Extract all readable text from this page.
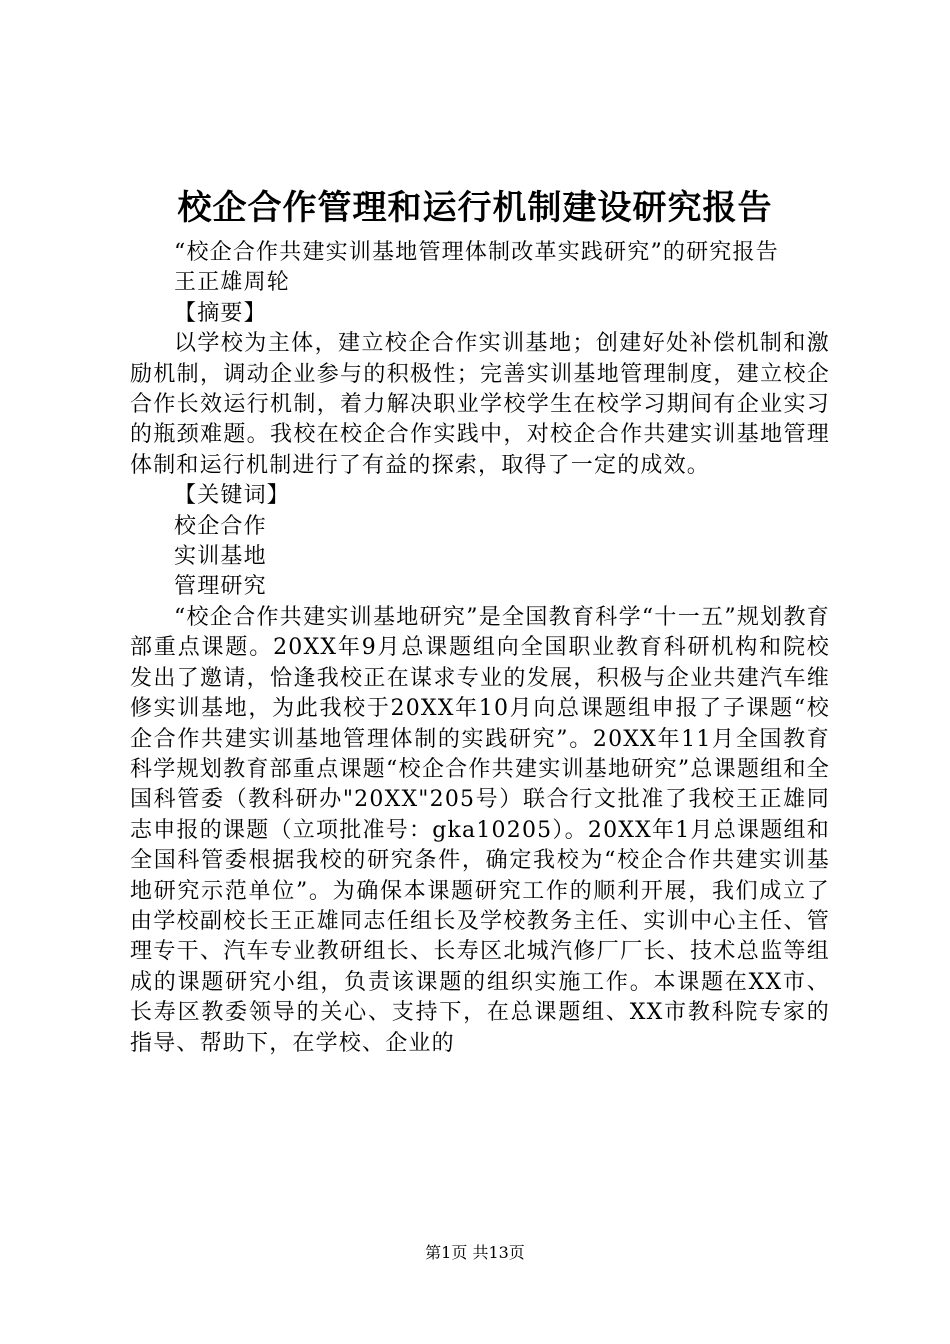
校企合作管理和运行机制建设研究报告

“校企合作共建实训基地管理体制改革实践研究”的研究报告

王正雄周轮

【摘要】

以学校为主体，建立校企合作实训基地；创建好处补偿机制和激励机制，调动企业参与的积极性；完善实训基地管理制度，建立校企合作长效运行机制，着力解决职业学校学生在校学习期间有企业实习的瓶颈难题。我校在校企合作实践中，对校企合作共建实训基地管理体制和运行机制进行了有益的探索，取得了一定的成效。

【关键词】

校企合作

实训基地

管理研究

“校企合作共建实训基地研究”是全国教育科学“十一五”规划教育部重点课题。20XX年9月总课题组向全国职业教育科研机构和院校发出了邀请，恰逢我校正在谋求专业的发展，积极与企业共建汽车维修实训基地，为此我校于20XX年10月向总课题组申报了子课题“校企合作共建实训基地管理体制的实践研究”。20XX年11月全国教育科学规划教育部重点课题“校企合作共建实训基地研究”总课题组和全国科管委（教科研办"20XX"205号）联合行文批准了我校王正雄同志申报的课题（立项批准号：gka10205）。20XX年1月总课题组和全国科管委根据我校的研究条件，确定我校为“校企合作共建实训基地研究示范单位”。为确保本课题研究工作的顺利开展，我们成立了由学校副校长王正雄同志任组长及学校教务主任、实训中心主任、管理专干、汽车专业教研组长、长寿区北城汽修厂厂长、技术总监等组成的课题研究小组，负责该课题的组织实施工作。本课题在XX市、长寿区教委领导的关心、支持下，在总课题组、XX市教科院专家的指导、帮助下，在学校、企业的

第1页 共13页
